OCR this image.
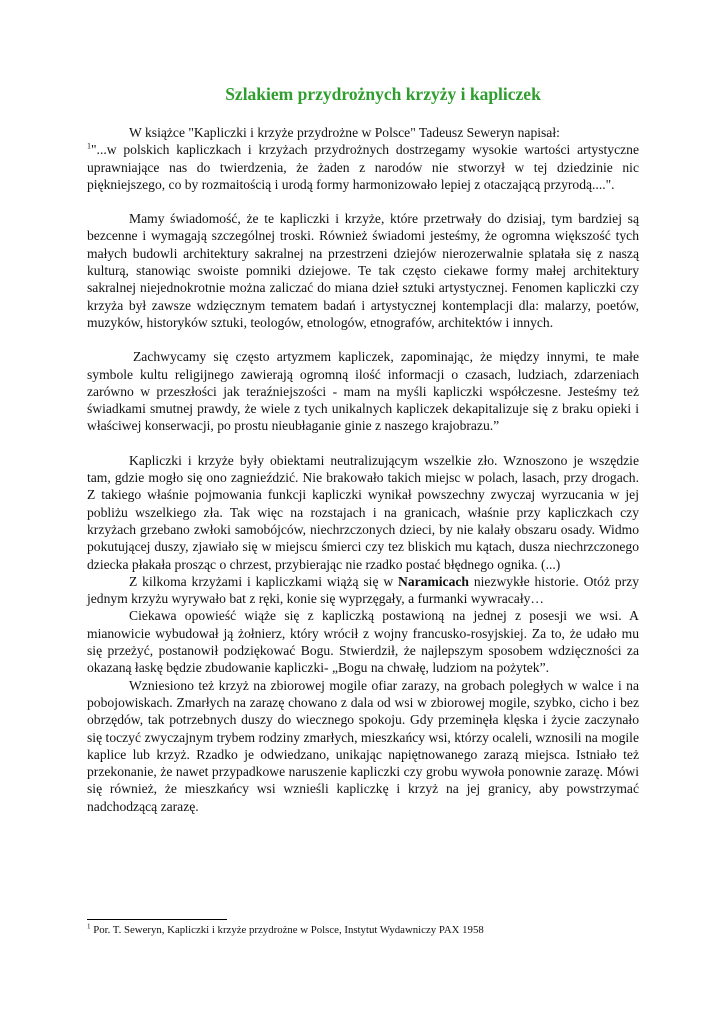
Szlakiem przydrożnych krzyży i kapliczek

W książce "Kapliczki i krzyże przydrożne w Polsce" Tadeusz Seweryn napisał:

$^1$"...w polskich kapliczkach i krzyżach przydrożnych dostrzegamy wysokie wartości artystyczne uprawniające nas do twierdzenia, że żaden z narodów nie stworzył w tej dziedzinie nic piękniejszego, co by rozmaitością i urodą formy harmonizowało lepiej z otaczającą przyrodą....".

Mamy świadomość, że te kapliczki i krzyże, które przetrwały do dzisiaj, tym bardziej są bezcenne i wymagają szczególnej troski. Również świadomi jesteśmy, że ogromna większość tych małych budowli architektury sakralnej na przestrzeni dziejów nierozerwalnie splatała się z naszą kulturą, stanowiąc swoiste pomniki dziejowe. Te tak często ciekawe formy małej architektury sakralnej niejednokrotnie można zaliczać do miana dzieł sztuki artystycznej. Fenomen kapliczki czy krzyża był zawsze wdzięcznym tematem badań i artystycznej kontemplacji dla: malarzy, poetów, muzyków, historyków sztuki, teologów, etnologów, etnografów, architektów i innych.

Zachwycamy się często artyzmem kapliczek, zapominając, że między innymi, te małe symbole kultu religijnego zawierają ogromną ilość informacji o czasach, ludziach, zdarzeniach zarówno w przeszłości jak teraźniejszości - mam na myśli kapliczki współczesne. Jesteśmy też świadkami smutnej prawdy, że wiele z tych unikalnych kapliczek dekapitalizuje się z braku opieki i właściwej konserwacji, po prostu nieubłaganie ginie z naszego krajobrazu.”

Kapliczki i krzyże były obiektami neutralizującym wszelkie zło. Wznoszono je wszędzie tam, gdzie mogło się ono zagnieździć. Nie brakowało takich miejsc w polach, lasach, przy drogach. Z takiego właśnie pojmowania funkcji kapliczki wynikał powszechny zwyczaj wyrzucania w jej pobliżu wszelkiego zła. Tak więc na rozstajach i na granicach, właśnie przy kapliczkach czy krzyżach grzebano zwłoki samobójców, niechrzczonych dzieci, by nie kalały obszaru osady. Widmo pokutującej duszy, zjawiało się w miejscu śmierci czy tez bliskich mu kątach, dusza niechrzczonego dziecka płakała prosząc o chrzest, przybierając nie rzadko postać błędnego ognika. (...)

Z kilkoma krzyżami i kapliczkami wiążą się w Naramicach niezwykłe historie. Otóż przy jednym krzyżu wyrywało bat z ręki, konie się wyprzęgały, a furmanki wywracały…

Ciekawa opowieść wiąże się z kapliczką postawioną na jednej z posesji we wsi. A mianowicie wybudował ją żołnierz, który wrócił z wojny francusko-rosyjskiej. Za to, że udało mu się przeżyć, postanowił podziękować Bogu. Stwierdził, że najlepszym sposobem wdzięczności za okazaną łaskę będzie zbudowanie kapliczki- „Bogu na chwałę, ludziom na pożytek”.

Wzniesiono też krzyż na zbiorowej mogile ofiar zarazy, na grobach poległych w walce i na pobojowiskach. Zmarłych na zarazę chowano z dala od wsi w zbiorowej mogile, szybko, cicho i bez obrzędów, tak potrzebnych duszy do wiecznego spokoju. Gdy przeminęła klęska i życie zaczynało się toczyć zwyczajnym trybem rodziny zmarłych, mieszkańcy wsi, którzy ocaleli, wznosili na mogile kaplice lub krzyż. Rzadko je odwiedzano, unikając napiętnowanego zarazą miejsca. Istniało też przekonanie, że nawet przypadkowe naruszenie kapliczki czy grobu wywoła ponownie zarazę. Mówi się również, że mieszkańcy wsi wznieśli kapliczkę i krzyż na jej granicy, aby powstrzymać nadchodzącą zarazę.

$^1$ Por. T. Seweryn, Kapliczki i krzyże przydrożne w Polsce, Instytut Wydawniczy PAX 1958
